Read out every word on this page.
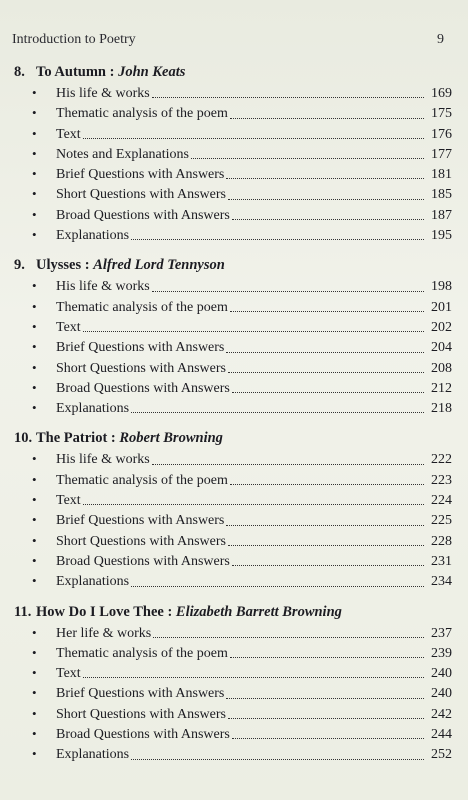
Introduction to Poetry	9
8. To Autumn : John Keats
•	His life & works	169
•	Thematic analysis of the poem	175
•	Text	176
•	Notes and Explanations	177
•	Brief Questions with Answers	181
•	Short Questions with Answers	185
•	Broad Questions with Answers	187
•	Explanations	195
9. Ulysses : Alfred Lord Tennyson
•	His life & works	198
•	Thematic analysis of the poem	201
•	Text	202
•	Brief Questions with Answers	204
•	Short Questions with Answers	208
•	Broad Questions with Answers	212
•	Explanations	218
10. The Patriot : Robert Browning
•	His life & works	222
•	Thematic analysis of the poem	223
•	Text	224
•	Brief Questions with Answers	225
•	Short Questions with Answers	228
•	Broad Questions with Answers	231
•	Explanations	234
11. How Do I Love Thee : Elizabeth Barrett Browning
•	Her life & works	237
•	Thematic analysis of the poem	239
•	Text	240
•	Brief Questions with Answers	240
•	Short Questions with Answers	242
•	Broad Questions with Answers	244
•	Explanations	252
